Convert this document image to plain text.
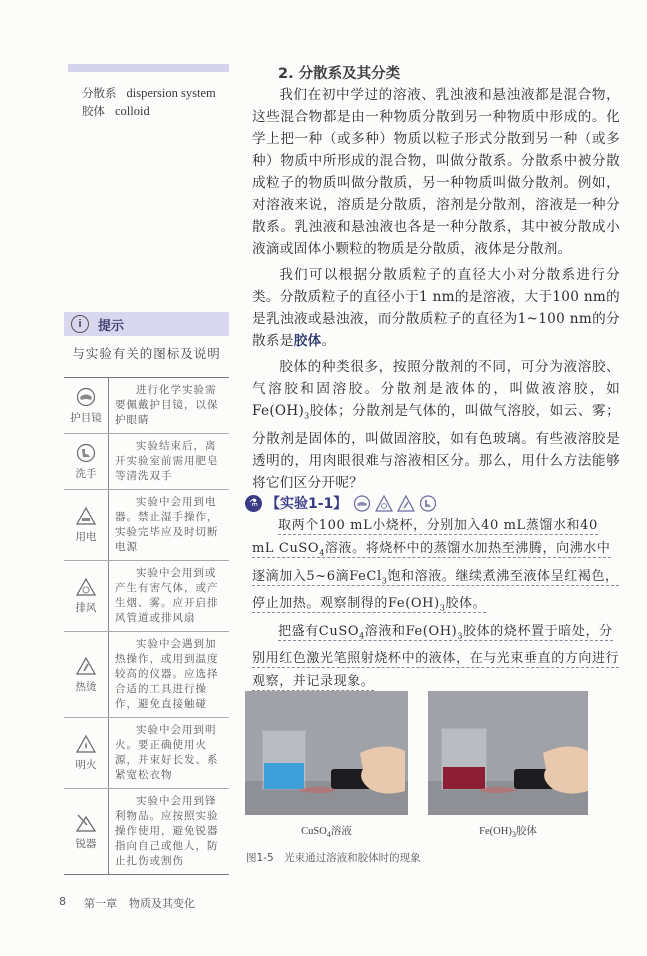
分散系 dispersion system
胶体 colloid
i	提示
与实验有关的图标及说明
护目镜
进行化学实验需要佩戴护目镜，以保护眼睛
洗手
实验结束后，离开实验室前需用肥皂等清洗双手
用电
实验中会用到电器。禁止湿手操作，实验完毕应及时切断电源
排风
实验中会用到或产生有害气体，或产生烟、雾。应开启排风管道或排风扇
热烫
实验中会遇到加热操作，或用到温度较高的仪器。应选择合适的工具进行操作，避免直接触碰
明火
实验中会用到明火。要正确使用火源，并束好长发、系紧宽松衣物
锐器
实验中会用到锋利物品。应按照实验操作使用，避免锐器指向自己或他人，防止扎伤或割伤
2. 分散系及其分类

我们在初中学过的溶液、乳浊液和悬浊液都是混合物，这些混合物都是由一种物质分散到另一种物质中形成的。化学上把一种（或多种）物质以粒子形式分散到另一种（或多种）物质中所形成的混合物，叫做分散系。分散系中被分散成粒子的物质叫做分散质，另一种物质叫做分散剂。例如，对溶液来说，溶质是分散质，溶剂是分散剂，溶液是一种分散系。乳浊液和悬浊液也各是一种分散系，其中被分散成小液滴或固体小颗粒的物质是分散质，液体是分散剂。

我们可以根据分散质粒子的直径大小对分散系进行分类。分散质粒子的直径小于1 nm的是溶液，大于100 nm的是乳浊液或悬浊液，而分散质粒子的直径为1~100 nm的分散系是胶体。

胶体的种类很多，按照分散剂的不同，可分为液溶胶、气溶胶和固溶胶。分散剂是液体的，叫做液溶胶，如$Fe(OH)_3$胶体；分散剂是气体的，叫做气溶胶，如云、雾；分散剂是固体的，叫做固溶胶，如有色玻璃。有些液溶胶是透明的，用肉眼很难与溶液相区分。那么，用什么方法能够将它们区分开呢？

⚗ 【实验1-1】

取两个100 mL小烧杯，分别加入40 mL蒸馏水和40 mL CuSO$_4$溶液。将烧杯中的蒸馏水加热至沸腾，向沸水中逐滴加入5~6滴FeCl$_3$饱和溶液。继续煮沸至液体呈红褐色，停止加热。观察制得的$Fe(OH)_3$胶体。

把盛有CuSO$_4$溶液和$Fe(OH)_3$胶体的烧杯置于暗处，分别用红色激光笔照射烧杯中的液体，在与光束垂直的方向进行观察，并记录现象。

CuSO$_4$溶液	$Fe(OH)_3$胶体
图1-5　光束通过溶液和胶体时的现象
8 第一章 物质及其变化
